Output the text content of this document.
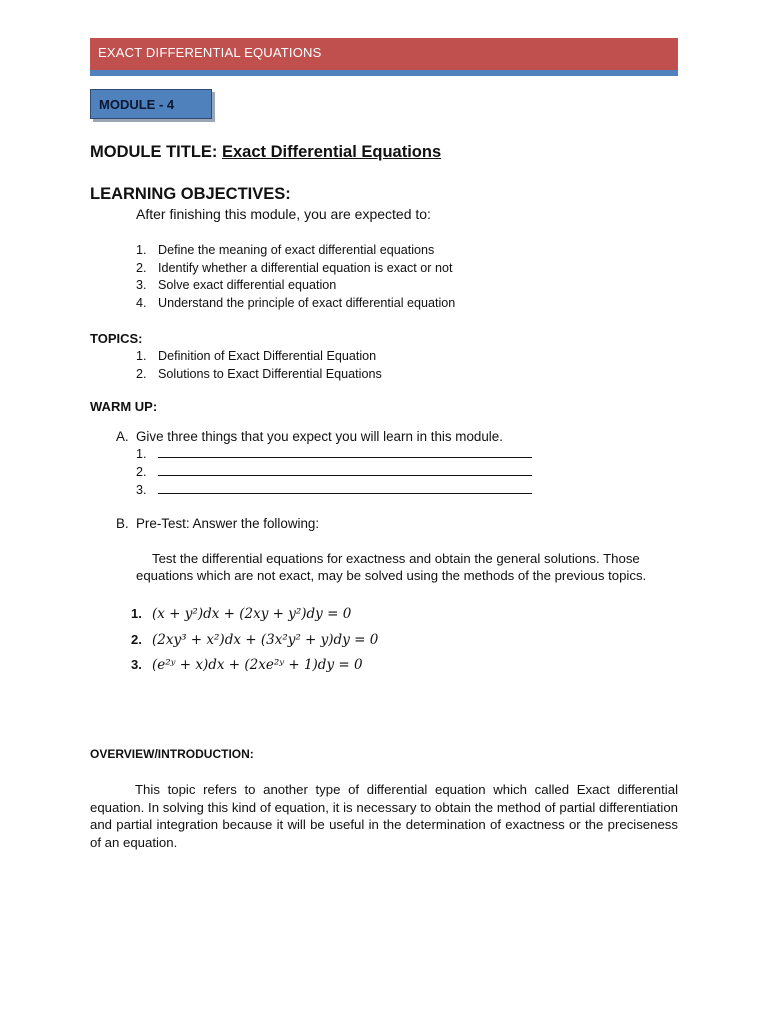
EXACT DIFFERENTIAL EQUATIONS
MODULE - 4
MODULE TITLE: Exact Differential Equations
LEARNING OBJECTIVES:
After finishing this module, you are expected to:
1. Define the meaning of exact differential equations
2. Identify whether a differential equation is exact or not
3. Solve exact differential equation
4. Understand the principle of exact differential equation
TOPICS:
1. Definition of Exact Differential Equation
2. Solutions to Exact Differential Equations
WARM UP:
A. Give three things that you expect you will learn in this module.
1.
2.
3.
B. Pre-Test: Answer the following:
Test the differential equations for exactness and obtain the general solutions. Those equations which are not exact, may be solved using the methods of the previous topics.
1. (x + y²)dx + (2xy + y²)dy = 0
2. (2xy³ + x²)dx + (3x²y² + y)dy = 0
3. (e²ʸ + x)dx + (2xe²ʸ + 1)dy = 0
OVERVIEW/INTRODUCTION:
This topic refers to another type of differential equation which called Exact differential equation. In solving this kind of equation, it is necessary to obtain the method of partial differentiation and partial integration because it will be useful in the determination of exactness or the preciseness of an equation.
